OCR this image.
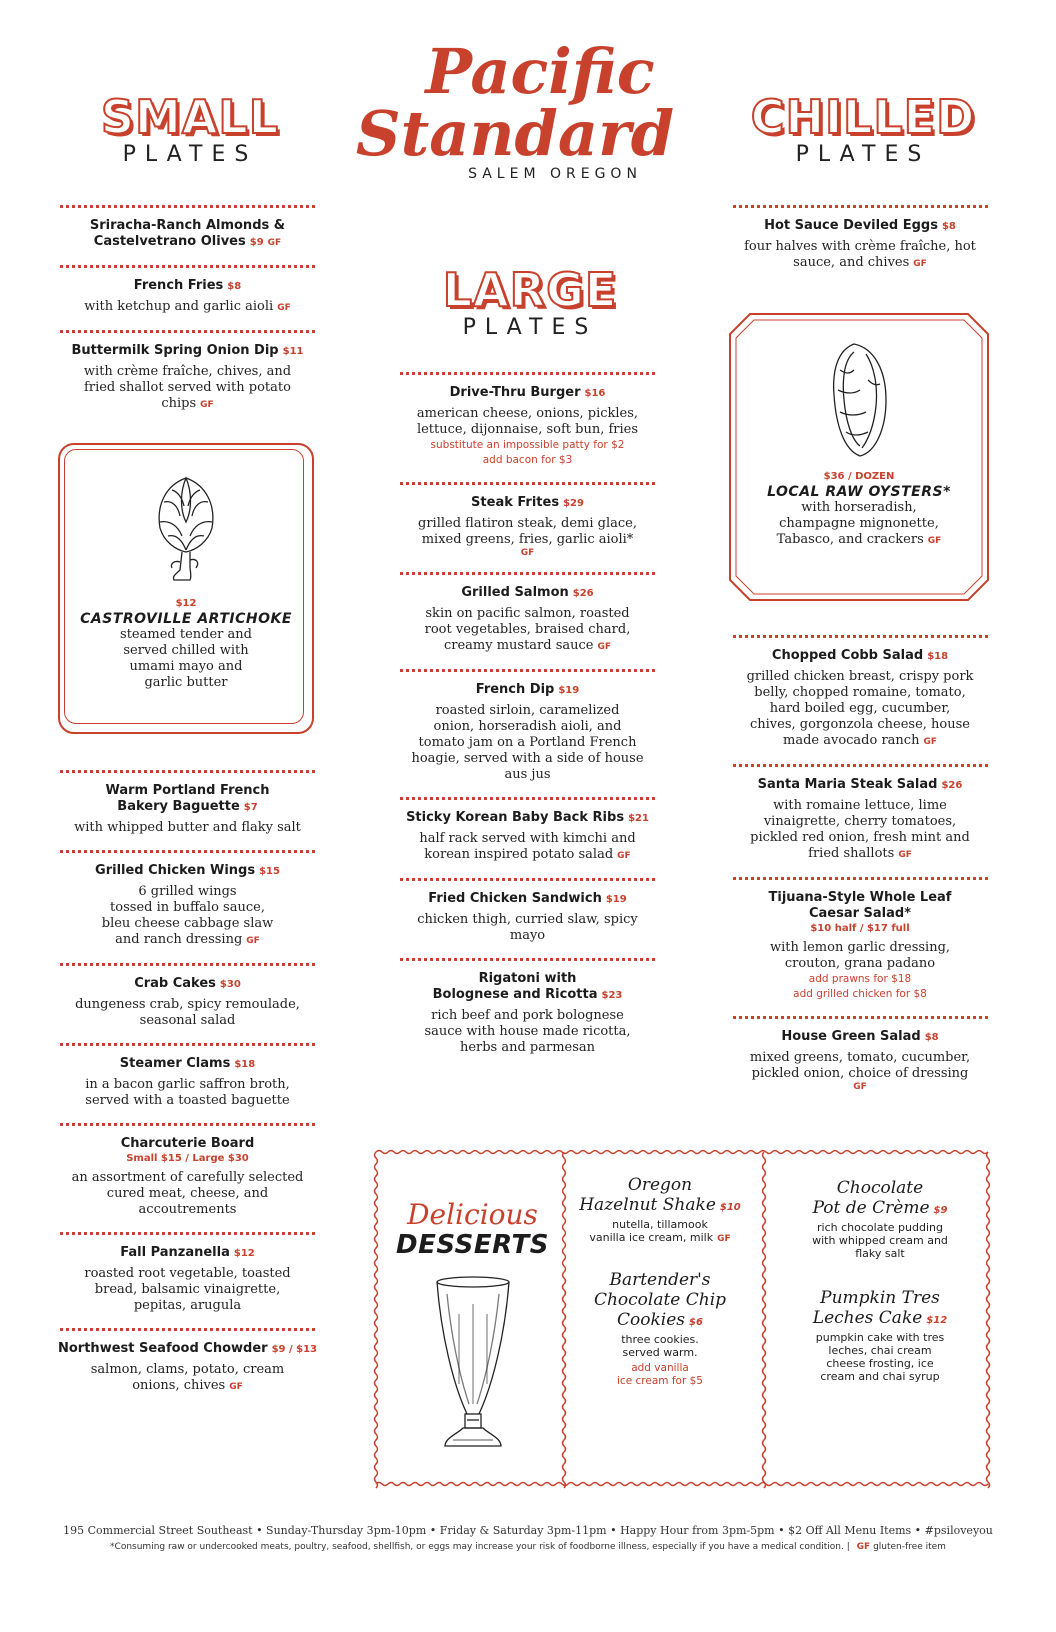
Pacific
Standard
SALEM OREGON
SMALL
PLATES
CHILLED
PLATES
LARGE
PLATES
Sriracha-Ranch Almonds &
Castelvetrano Olives $9 GF
French Fries $8
with ketchup and garlic aioli GF
Buttermilk Spring Onion Dip $11
with crème fraîche, chives, and
fried shallot served with potato
chips GF
$12
CASTROVILLE ARTICHOKE
steamed tender and
served chilled with
umami mayo and
garlic butter
Warm Portland French
Bakery Baguette $7
with whipped butter and flaky salt
Grilled Chicken Wings $15
6 grilled wings
tossed in buffalo sauce,
bleu cheese cabbage slaw
and ranch dressing GF
Crab Cakes $30
dungeness crab, spicy remoulade,
seasonal salad
Steamer Clams $18
in a bacon garlic saffron broth,
served with a toasted baguette
Charcuterie Board
Small $15 / Large $30
an assortment of carefully selected
cured meat, cheese, and
accoutrements
Fall Panzanella $12
roasted root vegetable, toasted
bread, balsamic vinaigrette,
pepitas, arugula
Northwest Seafood Chowder $9 / $13
salmon, clams, potato, cream
onions, chives GF
Drive-Thru Burger $16
american cheese, onions, pickles,
lettuce, dijonnaise, soft bun, fries
substitute an impossible patty for $2
add bacon for $3
Steak Frites $29
grilled flatiron steak, demi glace,
mixed greens, fries, garlic aioli*
GF
Grilled Salmon $26
skin on pacific salmon, roasted
root vegetables, braised chard,
creamy mustard sauce GF
French Dip $19
roasted sirloin, caramelized
onion, horseradish aioli, and
tomato jam on a Portland French
hoagie, served with a side of house
aus jus
Sticky Korean Baby Back Ribs $21
half rack served with kimchi and
korean inspired potato salad GF
Fried Chicken Sandwich $19
chicken thigh, curried slaw, spicy
mayo
Rigatoni with
Bolognese and Ricotta $23
rich beef and pork bolognese
sauce with house made ricotta,
herbs and parmesan
Hot Sauce Deviled Eggs $8
four halves with crème fraîche, hot
sauce, and chives GF
$36 / DOZEN
LOCAL RAW OYSTERS*
with horseradish,
champagne mignonette,
Tabasco, and crackers GF
Chopped Cobb Salad $18
grilled chicken breast, crispy pork
belly, chopped romaine, tomato,
hard boiled egg, cucumber,
chives, gorgonzola cheese, house
made avocado ranch GF
Santa Maria Steak Salad $26
with romaine lettuce, lime
vinaigrette, cherry tomatoes,
pickled red onion, fresh mint and
fried shallots GF
Tijuana-Style Whole Leaf
Caesar Salad*
$10 half / $17 full
with lemon garlic dressing,
crouton, grana padano
add prawns for $18
add grilled chicken for $8
House Green Salad $8
mixed greens, tomato, cucumber,
pickled onion, choice of dressing
GF
Delicious
DESSERTS
Oregon
Hazelnut Shake $10
nutella, tillamook
vanilla ice cream, milk GF
Bartender's
Chocolate Chip
Cookies $6
three cookies.
served warm.
add vanilla
ice cream for $5
Chocolate
Pot de Crème $9
rich chocolate pudding
with whipped cream and
flaky salt
Pumpkin Tres
Leches Cake $12
pumpkin cake with tres
leches, chai cream
cheese frosting, ice
cream and chai syrup
195 Commercial Street Southeast • Sunday-Thursday 3pm-10pm • Friday & Saturday 3pm-11pm • Happy Hour from 3pm-5pm • $2 Off All Menu Items • #psiloveyou
*Consuming raw or undercooked meats, poultry, seafood, shellfish, or eggs may increase your risk of foodborne illness, especially if you have a medical condition. | GF gluten-free item
